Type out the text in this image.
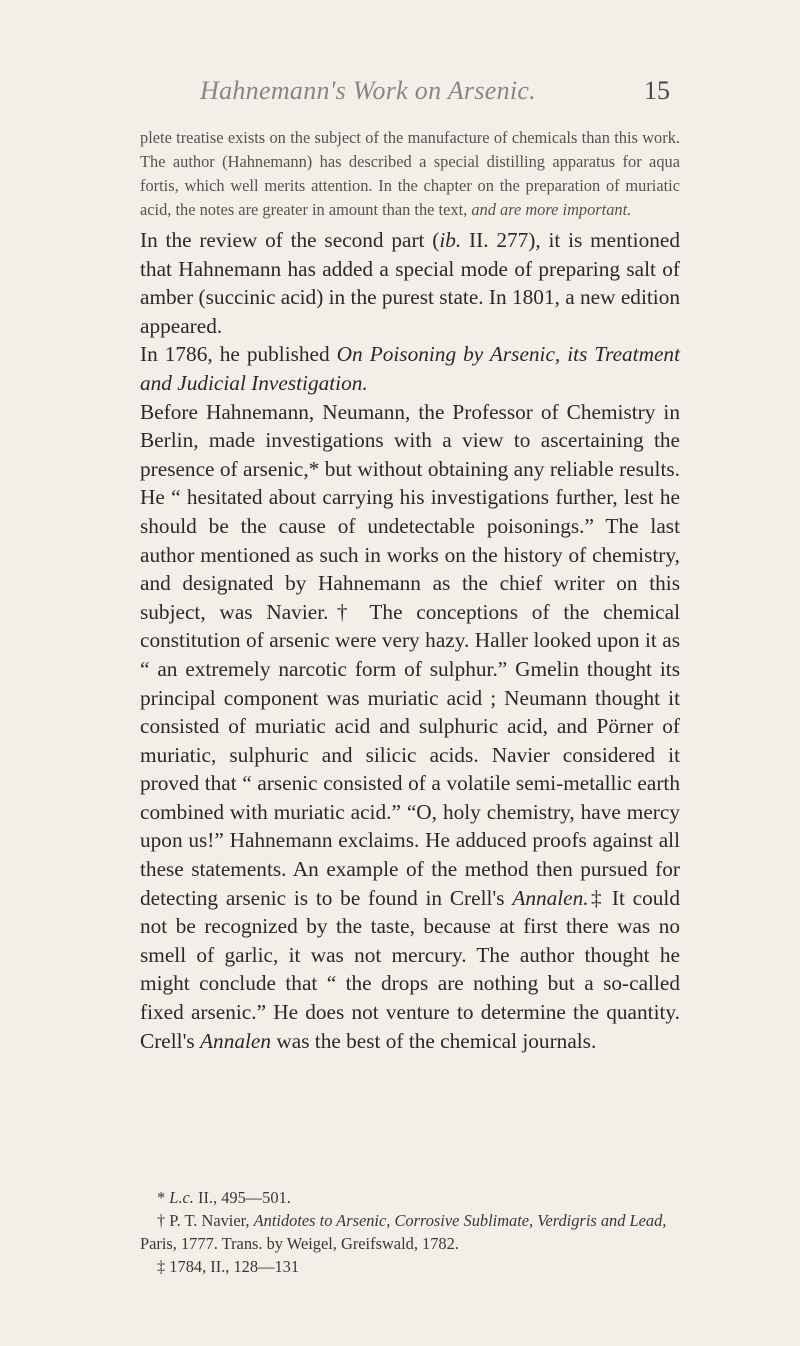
Hahnemann's Work on Arsenic.	15
plete treatise exists on the subject of the manufacture of chemicals than this work. The author (Hahnemann) has described a special distilling apparatus for aqua fortis, which well merits attention. In the chapter on the preparation of muriatic acid, the notes are greater in amount than the text, and are more important.

In the review of the second part (ib. II. 277), it is mentioned that Hahnemann has added a special mode of preparing salt of amber (succinic acid) in the purest state. In 1801, a new edition appeared.

In 1786, he published On Poisoning by Arsenic, its Treatment and Judicial Investigation.

Before Hahnemann, Neumann, the Professor of Chemistry in Berlin, made investigations with a view to ascertaining the presence of arsenic,* but without obtaining any reliable results. He “ hesitated about carrying his investigations further, lest he should be the cause of undetectable poisonings.” The last author mentioned as such in works on the history of chemistry, and designated by Hahnemann as the chief writer on this subject, was Navier.† The conceptions of the chemical constitution of arsenic were very hazy. Haller looked upon it as “ an extremely narcotic form of sulphur.” Gmelin thought its principal component was muriatic acid ; Neumann thought it consisted of muriatic acid and sulphuric acid, and Pörner of muriatic, sulphuric and silicic acids. Navier considered it proved that “ arsenic consisted of a volatile semi-metallic earth combined with muriatic acid.” “O, holy chemistry, have mercy upon us!” Hahnemann exclaims. He adduced proofs against all these statements. An example of the method then pursued for detecting arsenic is to be found in Crell's Annalen.‡ It could not be recognized by the taste, because at first there was no smell of garlic, it was not mercury. The author thought he might conclude that “ the drops are nothing but a so-called fixed arsenic.” He does not venture to determine the quantity. Crell's Annalen was the best of the chemical journals.

* L.c. II., 495—501.

† P. T. Navier, Antidotes to Arsenic, Corrosive Sublimate, Verdigris and Lead, Paris, 1777. Trans. by Weigel, Greifswald, 1782.

‡ 1784, II., 128—131
